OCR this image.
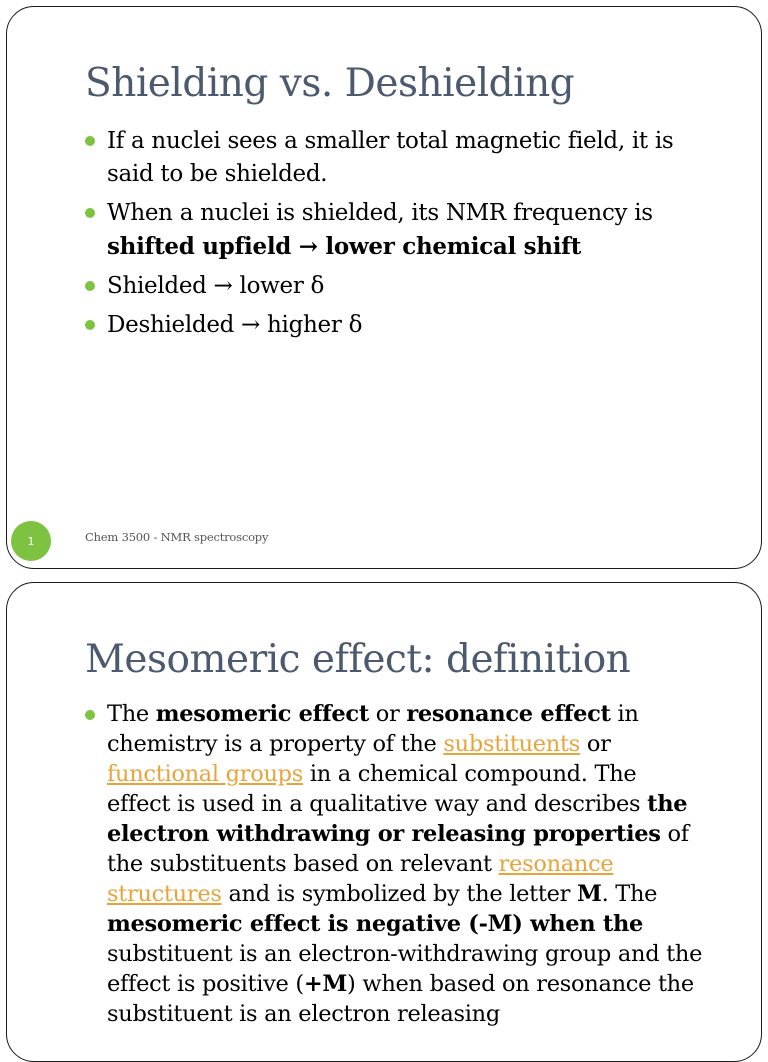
Shielding vs. Deshielding
If a nuclei sees a smaller total magnetic field, it is said to be shielded.
When a nuclei is shielded, its NMR frequency is shifted upfield → lower chemical shift
Shielded → lower δ
Deshielded → higher δ
1	Chem 3500 - NMR spectroscopy
Mesomeric effect: definition
The mesomeric effect or resonance effect in chemistry is a property of the substituents or functional groups in a chemical compound. The effect is used in a qualitative way and describes the electron withdrawing or releasing properties of the substituents based on relevant resonance structures and is symbolized by the letter M. The mesomeric effect is negative (-M) when the substituent is an electron-withdrawing group and the effect is positive (+M) when based on resonance the substituent is an electron releasing
